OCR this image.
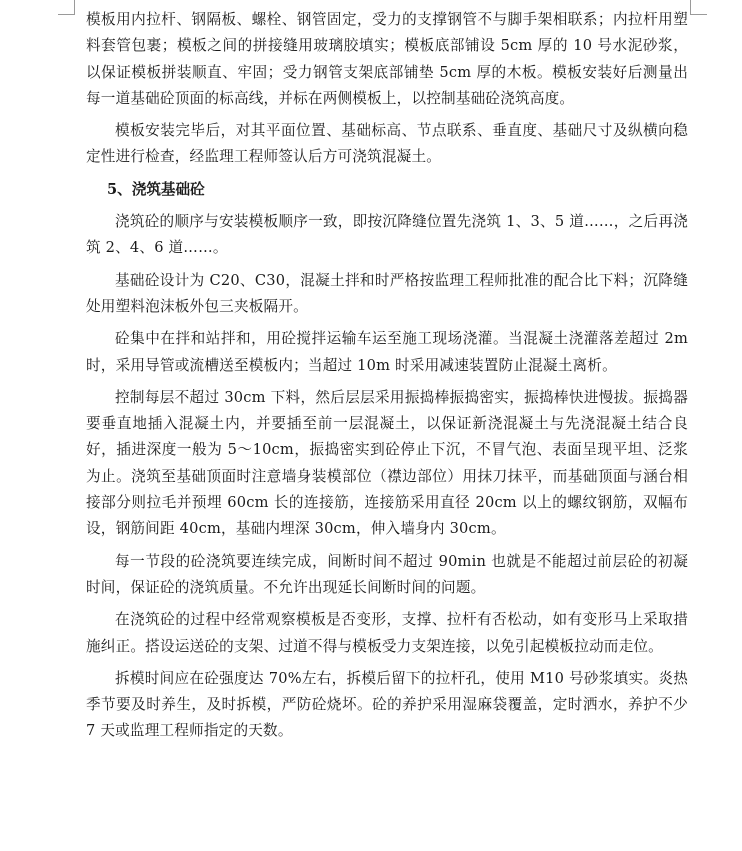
模板用内拉杆、钢隔板、螺栓、钢管固定，受力的支撑钢管不与脚手架相联系；内拉杆用塑料套管包裹；模板之间的拼接缝用玻璃胶填实；模板底部铺设 5cm 厚的 10 号水泥砂浆，以保证模板拼装顺直、牢固；受力钢管支架底部铺垫 5cm 厚的木板。模板安装好后测量出每一道基础砼顶面的标高线，并标在两侧模板上，以控制基础砼浇筑高度。

模板安装完毕后，对其平面位置、基础标高、节点联系、垂直度、基础尺寸及纵横向稳定性进行检查，经监理工程师签认后方可浇筑混凝土。

5、浇筑基础砼

浇筑砼的顺序与安装模板顺序一致，即按沉降缝位置先浇筑 1、3、5 道……，之后再浇筑 2、4、6 道……。

基础砼设计为 C20、C30，混凝土拌和时严格按监理工程师批准的配合比下料；沉降缝处用塑料泡沫板外包三夹板隔开。

砼集中在拌和站拌和，用砼搅拌运输车运至施工现场浇灌。当混凝土浇灌落差超过 2m 时，采用导管或流槽送至模板内；当超过 10m 时采用减速装置防止混凝土离析。

控制每层不超过 30cm 下料，然后层层采用振捣棒振捣密实，振捣棒快进慢拔。振捣器要垂直地插入混凝土内，并要插至前一层混凝土，以保证新浇混凝土与先浇混凝土结合良好，插进深度一般为 5～10cm，振捣密实到砼停止下沉，不冒气泡、表面呈现平坦、泛浆为止。浇筑至基础顶面时注意墙身装模部位（襟边部位）用抹刀抹平，而基础顶面与涵台相接部分则拉毛并预埋 60cm 长的连接筋，连接筋采用直径 20cm 以上的螺纹钢筋，双幅布设，钢筋间距 40cm，基础内埋深 30cm，伸入墙身内 30cm。

每一节段的砼浇筑要连续完成，间断时间不超过 90min 也就是不能超过前层砼的初凝时间，保证砼的浇筑质量。不允许出现延长间断时间的问题。

在浇筑砼的过程中经常观察模板是否变形，支撑、拉杆有否松动，如有变形马上采取措施纠正。搭设运送砼的支架、过道不得与模板受力支架连接，以免引起模板拉动而走位。

拆模时间应在砼强度达 70%左右，拆模后留下的拉杆孔，使用 M10 号砂浆填实。炎热季节要及时养生，及时拆模，严防砼烧坏。砼的养护采用湿麻袋覆盖，定时洒水，养护不少 7 天或监理工程师指定的天数。
